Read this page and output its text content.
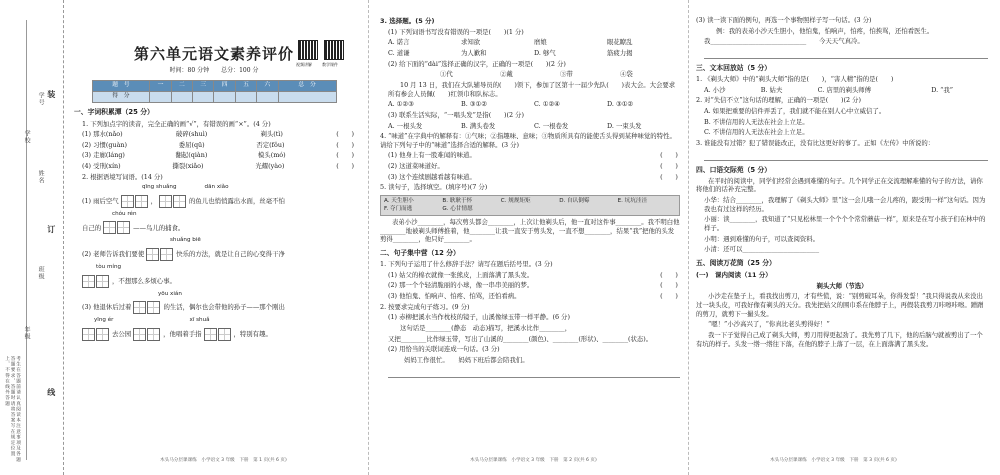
学号
学校
姓名
班级
年级
装
订
线
考生在答题前请认真阅读本注意事项及各题答题要求，答题时请将答案写在规定位置上，不得在线外答题
第六单元语文素养评价
视频讲解	教学课件
时间：80 分钟　　总分：100 分
题　号	一	二	三	四	五	六	总　分
得　分							
一、字词积累潭（25 分）
1. 下列加点字的读音，完全正确的画“√”，有错误的画“×”。(4 分)
(1) 那水(nǎo)	破碎(shuì)	剃头(tì)	(　　)
(2) 习惯(guàn)	委屈(qū)	否定(fǒu)	(　　)
(3) 走廊(láng)	翻起(qiàn)	模头(mó)	(　　)
(4) 受刑(xín)	撕裂(xiǎo)	光耀(yào)	(　　)
2. 根据语境写词语。(14 分)
qīng shuǎng	dān xiǎo
(1) 雨后空气	，	的鱼儿也悄悄露出水面，丝毫不怕
chóu rén
自己的	——鸟儿的捕食。
shuǎng biē
(2) 老师告诉我们要使	快乐的方法，就是让自己的心变得干净
tòu míng
，不想那么多烦心事。
yōu xián
(3) 他退休后过着	的生活，偶尔也会带他的孙子——那个刚出
yīng ér	xī shuǎ
去公园	，他唱着手指	，特别有趣。
木头马分层课课练　小学语文 3 年级　下册　第 1 页(共 6 页)
3. 选择题。(5 分)
(1) 下列词语书写没有错误的一项是(　　)(1 分)
A. 诺言	求知欲	磨娘	眼花瞭乱
C. 道谦	为人歉和	D. 够气	筋疲力揭
(2) 给下面的“dài”选择正确的汉字，正确的一项是(　　)(2 分)
①代	②戴	③带	④袋
10 月 13 日，我们在大队辅导员的(　　)领下，参加了区第十一届少先队(　　)表大会。大会要求所有参会人员佩(　　)红领巾和队标志。
A. ①②③	B. ③①②	C. ①②④	D. ③①②
(3) 联系生活实际，“一唱头发”是指(　　)(2 分)
A. 一根头发	B. 满头卷发	C. 一根卷发	D. 一束头发
4. “味道”在字典中的解释有：①气味；②指趣味、意味；③物质所具有的能使舌头得到某种味觉的特性。请给下列句子中的“味道”选择合适的解释。(3 分)
(1) 他身上有一股难闻的味道。	(　　)
(2) 这道菜味道好。	(　　)
(3) 这个连续剧越看越有味道。	(　　)
5. 读句子，选择填空。(填序号)(7 分)
A. 天生胆小	B. 耿耿于怀	C. 规规矩矩	D. 自认倒霉	E. 坑坑洼洼
F. 夺门而逃	G. 心甘情愿
表弟小沙________，每次剪头都会________，上次让他剃头后，他一直对这件事________。我不明白他________地被剃头师傅推着，他________让我一直安于剪头发，一直不想________，结果“我”把他的头发剪得________，他只好________。
二、句子集中营（12 分）
1. 下列句子运用了什么修辞手法？请写在题后括号里。(3 分)
(1) 姑父的棉衣就像一张熊皮，上面落满了黑头发。	(　　)
(2) 那一个个轻清脆丽的小球，像一串串美丽的梦。	(　　)
(3) 他怕鬼、怕响声、怕疼、怕骂，还怕看病。	(　　)
2. 按要求完成句子练习。(9 分)
(1) 赤柳把溪水当作枕枝的镜子，山溪像绿玉带一样平静。(6 分)
这句话是________(静态　动态)描写，把溪水比作________，
又把________比作绿玉带，写出了山溪的________(颜色)、________(形状)、________(状态)。
(2) 用恰当的关联词连成一句话。(3 分)
妈妈工作很忙。　　妈妈下班后都会陪我们。
木头马分层课课练　小学语文 3 年级　下册　第 2 页(共 6 页)
(3) 读一读下面的例句，再选一个事物照样子写一句话。(3 分)
例：我的表弟小沙天生胆小，他怕鬼，怕响声，怕疼，怕挨骂，还怕看医生。
我______________________________　　今天天气真冷。
三、文本回放站（5 分）
1. 《剃头大师》中的“剃头大师”指的是(　　)，“害人精”指的是(　　)
A. 小沙	B. 姑夫	C. 店里的剃头师傅	D. “我”
2. 对“失信不立”这句话的理解，正确的一项是(　　)(2 分)
A. 如果把重要的信件弄丢了，我们就不能在别人心中立威信了。
B. 不讲信用的人无法在社会上立足。
C. 不讲信用的人无法在社会上立足。
3. 谁能没有过错？犯了错误能改正，没有比这更好的事了。正如《左传》中所说的：
四、口语交际苑（5 分）
在平时的阅读中，同学们经常会遇到难懂的句子。几个同学正在交流理解难懂的句子的方法，请你将他们的话补充完整。
小华：结合________，我理解了《剃头大师》里“这一会儿哦一会儿疼的，跟受刑一样”这句话。因为我也有过这样的经历。
小丽：读________，我知道了“只见松林里一个个个个常常蘑菇一样”，原来是在写小孩子们在林中的样子。
小明：遇到难懂的句子，可以查阅资料。
小清：还可以________________________
五、阅读万花筒（25 分）
(一)　课内阅读（11 分）
剃头大师（节选）
小沙走在垫子上，看我找出剪刀，才有些慌，说：“别剪破耳朵，你得发誓！”我只得说我从来没出过一块头皮，可我好像有剃头的天分。我先把姑父的围巾系在他脖子上，再假装我剪刀咔嚓咔嚓。蹭蹭的剪刀，就剪下一撮头发。
“嗯！”小沙高兴了，“你真比老头剪得好！”
我一下子觉得自己成了剃头大师，剪刀用得更起劲了。我先剪了几下，他的后脑勺就被剪出了一个有坑的样子。头发一绺一绺往下落，在他的脖子上落了一层，在上面落满了黑头发。
木头马分层课课练　小学语文 3 年级　下册　第 3 页(共 6 页)
